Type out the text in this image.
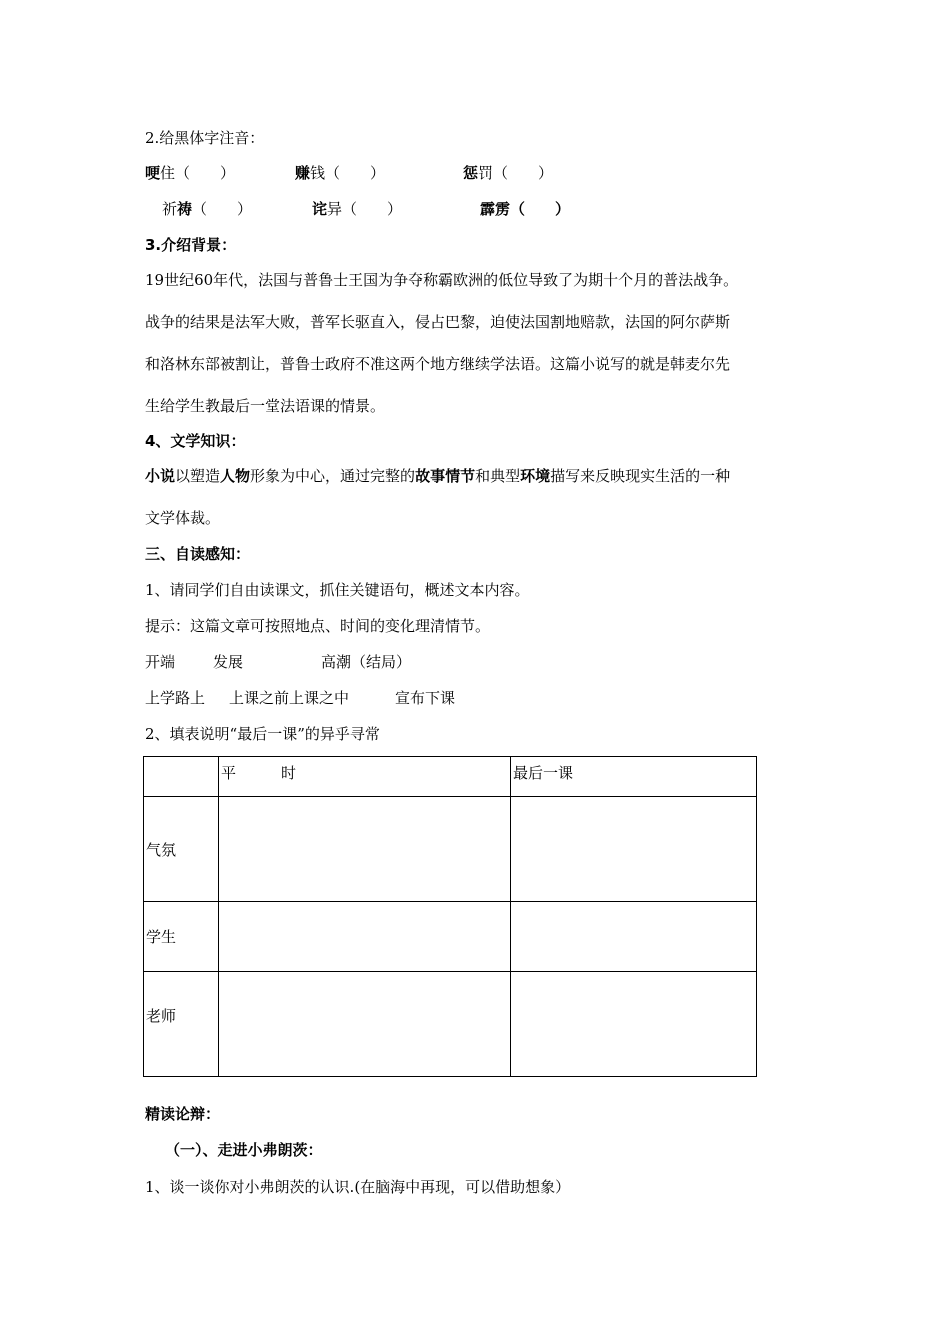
2.给黑体字注音：
哽住（　　）	赚钱（　　）	惩罚（　　）
祈祷（　　）	诧异（　　）	霹雳（　　）
3.介绍背景：
19世纪60年代，法国与普鲁士王国为争夺称霸欧洲的低位导致了为期十个月的普法战争。
战争的结果是法军大败，普军长驱直入，侵占巴黎，迫使法国割地赔款，法国的阿尔萨斯
和洛林东部被割让，普鲁士政府不准这两个地方继续学法语。这篇小说写的就是韩麦尔先
生给学生教最后一堂法语课的情景。
4、文学知识：
小说以塑造人物形象为中心，通过完整的故事情节和典型环境描写来反映现实生活的一种
文学体裁。
三、自读感知：
1、请同学们自由读课文，抓住关键语句，概述文本内容。
提示：这篇文章可按照地点、时间的变化理清情节。
开端	发展	高潮（结局）
上学路上 上课之前上课之中	宣布下课
2、填表说明“最后一课”的异乎寻常

	平　　　时	最后一课

气氛		

学生		

老师		

精读论辩：
（一）、走进小弗朗茨：
1、谈一谈你对小弗朗茨的认识.(在脑海中再现，可以借助想象）
